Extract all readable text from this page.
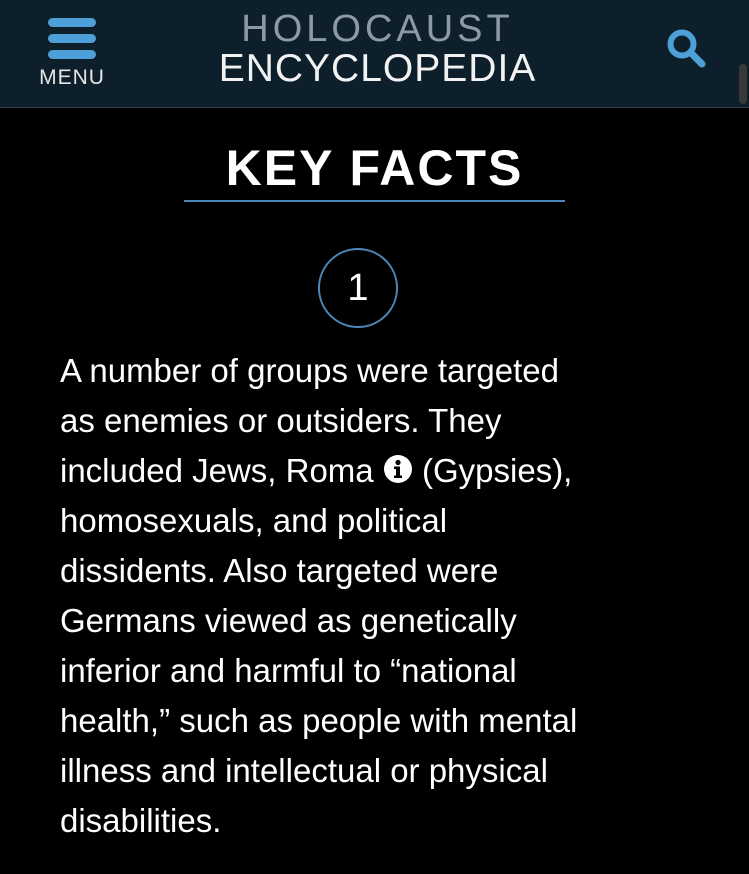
MENU
HOLOCAUST
ENCYCLOPEDIA
KEY FACTS
1

A number of groups were targeted

as enemies or outsiders. They

included Jews, Roma (Gypsies),

homosexuals, and political

dissidents. Also targeted were

Germans viewed as genetically

inferior and harmful to “national

health,” such as people with mental

illness and intellectual or physical

disabilities.
